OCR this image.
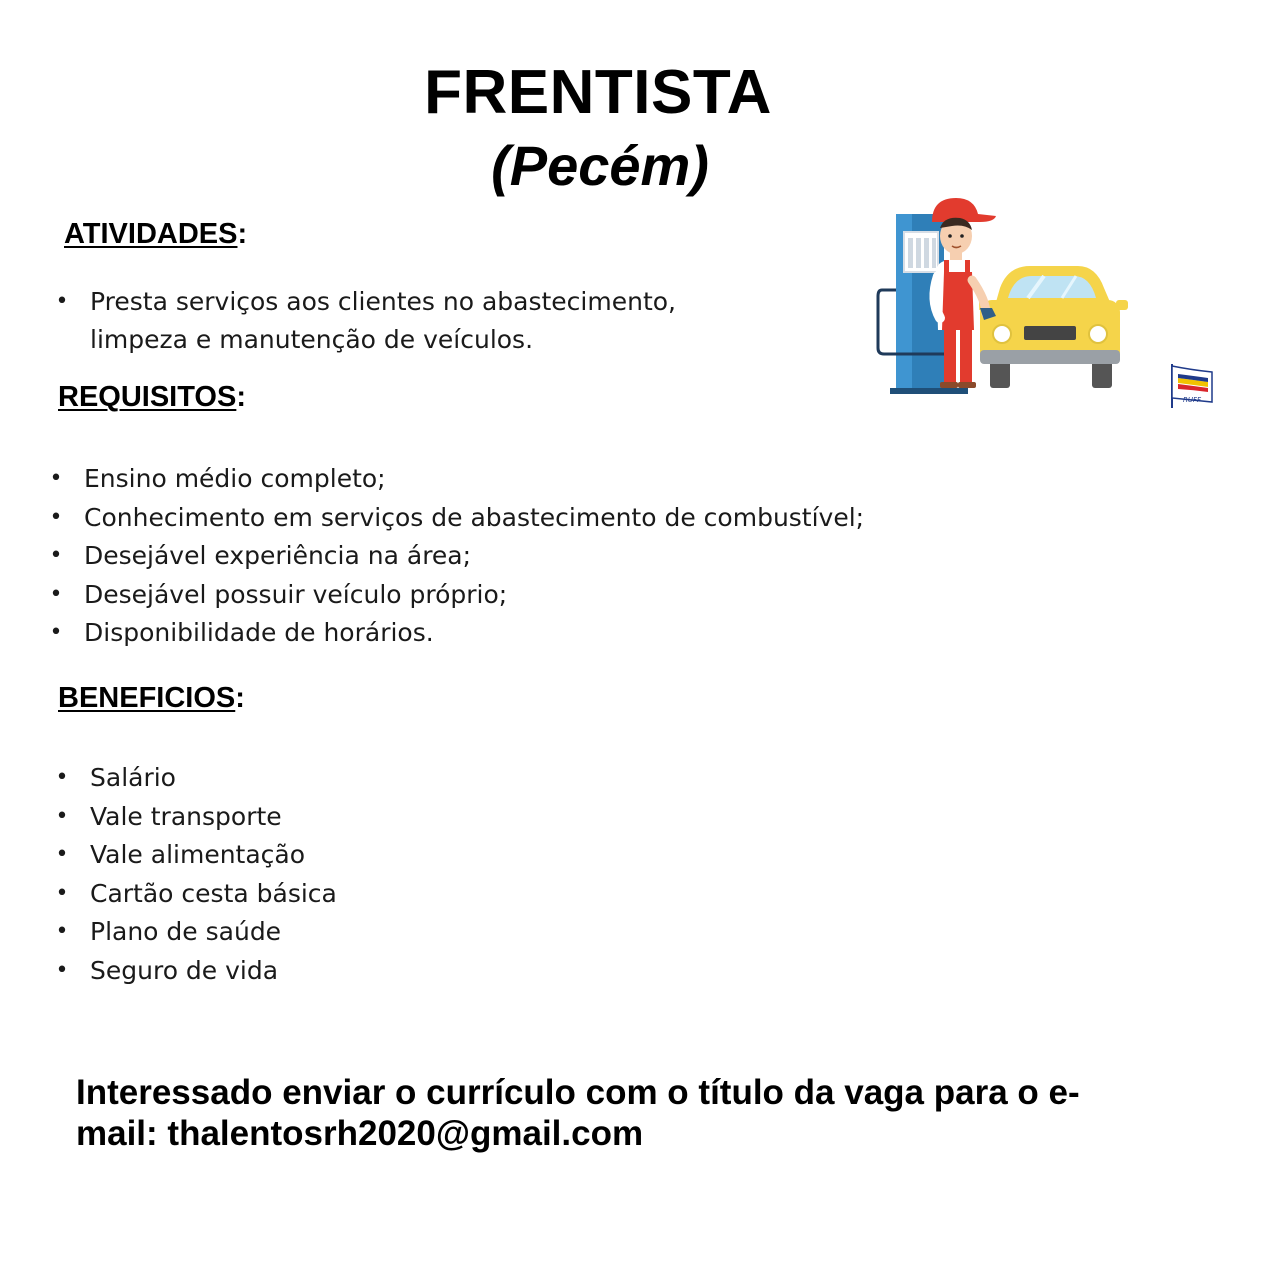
FRENTISTA
(Pecém)
ATIVIDADES:
• Presta serviços aos clientes no abastecimento,
limpeza e manutenção de veículos.
REQUISITOS:
• Ensino médio completo;
• Conhecimento em serviços de abastecimento de combustível;
• Desejável experiência na área;
• Desejável possuir veículo próprio;
• Disponibilidade de horários.
BENEFICIOS:
• Salário
• Vale transporte
• Vale alimentação
• Cartão cesta básica
• Plano de saúde
• Seguro de vida
Interessado enviar o currículo com o título da vaga para o e-
mail: thalentosrh2020@gmail.com
RUFF
